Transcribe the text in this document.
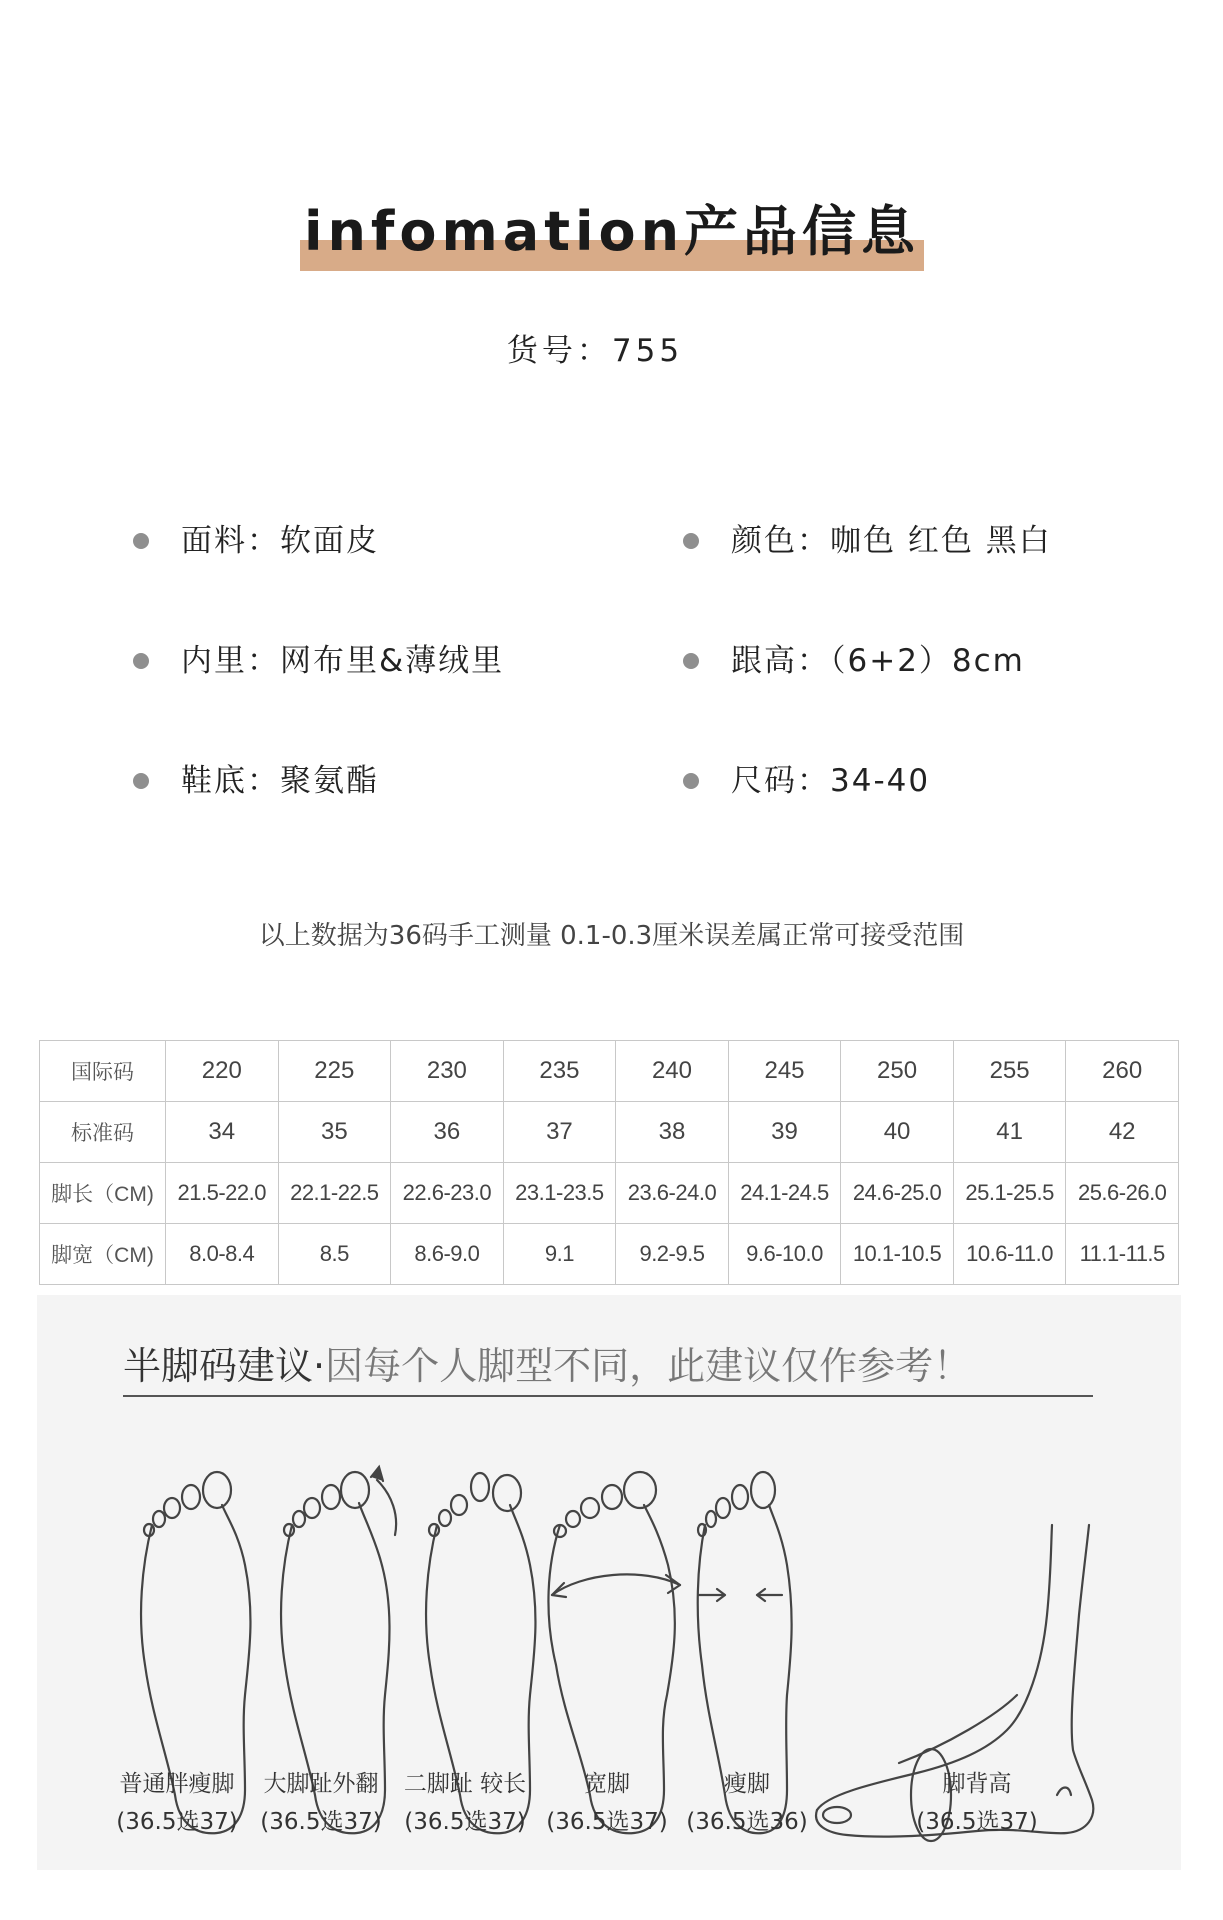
infomation产品信息
货号：755
面料：软面皮	颜色：咖色 红色 黑白
内里：网布里&薄绒里	跟高：（6+2）8cm
鞋底：聚氨酯	尺码：34-40
以上数据为36码手工测量 0.1-0.3厘米误差属正常可接受范围
国际码	220	225	230	235	240	245	250	255	260
标准码	34	35	36	37	38	39	40	41	42
脚长（CM)	21.5-22.0	22.1-22.5	22.6-23.0	23.1-23.5	23.6-24.0	24.1-24.5	24.6-25.0	25.1-25.5	25.6-26.0
脚宽（CM)	8.0-8.4	8.5	8.6-9.0	9.1	9.2-9.5	9.6-10.0	10.1-10.5	10.6-11.0	11.1-11.5
半脚码建议·因每个人脚型不同，此建议仅作参考！
普通胖瘦脚
(36.5选37)
大脚趾外翻
(36.5选37)
二脚趾 较长
(36.5选37)
宽脚
(36.5选37)
瘦脚
(36.5选36)
脚背高
(36.5选37)
